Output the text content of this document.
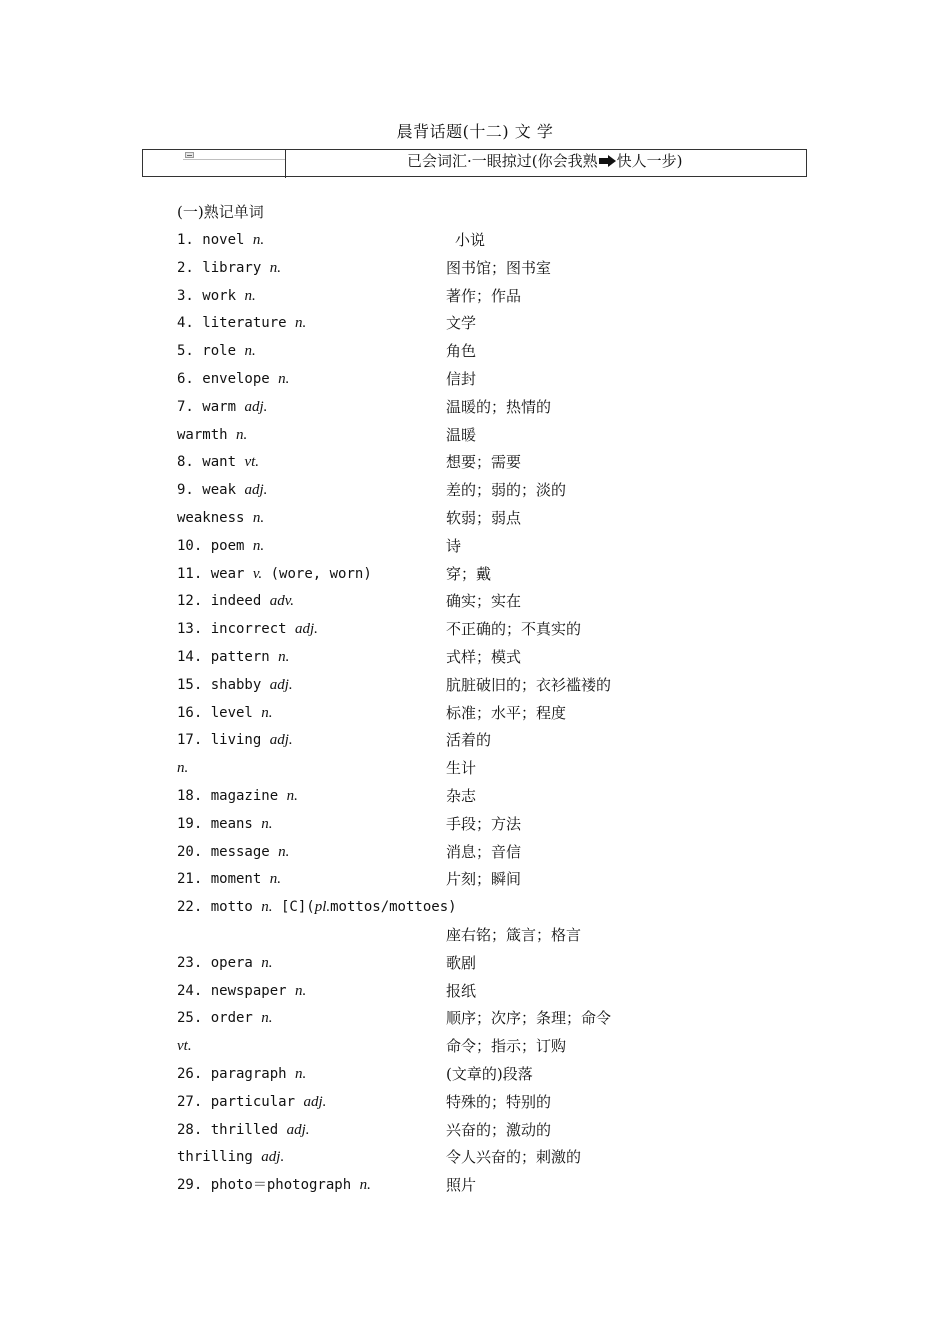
晨背话题(十二) 文 学
已会词汇·一眼掠过(你会我熟 快人一步)
(一)熟记单词
1. novel n.	小说
2. library n.	图书馆；图书室
3. work n.	著作；作品
4. literature n.	文学
5. role n.	角色
6. envelope n.	信封
7. warm adj.	温暖的；热情的
warmth n.	温暖
8. want vt.	想要；需要
9. weak adj.	差的；弱的；淡的
weakness n.	软弱；弱点
10. poem n.	诗
11. wear v. (wore, worn)	穿；戴
12. indeed adv.	确实；实在
13. incorrect adj.	不正确的；不真实的
14. pattern n.	式样；模式
15. shabby adj.	肮脏破旧的；衣衫褴褛的
16. level n.	标准；水平；程度
17. living adj.	活着的
n.	生计
18. magazine n.	杂志
19. means n.	手段；方法
20. message n.	消息；音信
21. moment n.	片刻；瞬间
22. motto n. [C](pl.mottos/mottoes)
座右铭；箴言；格言
23. opera n.	歌剧
24. newspaper n.	报纸
25. order n.	顺序；次序；条理；命令
vt.	命令；指示；订购
26. paragraph n.	(文章的)段落
27. particular adj.	特殊的；特别的
28. thrilled adj.	兴奋的；激动的
thrilling adj.	令人兴奋的；刺激的
29. photo＝photograph n.	照片
